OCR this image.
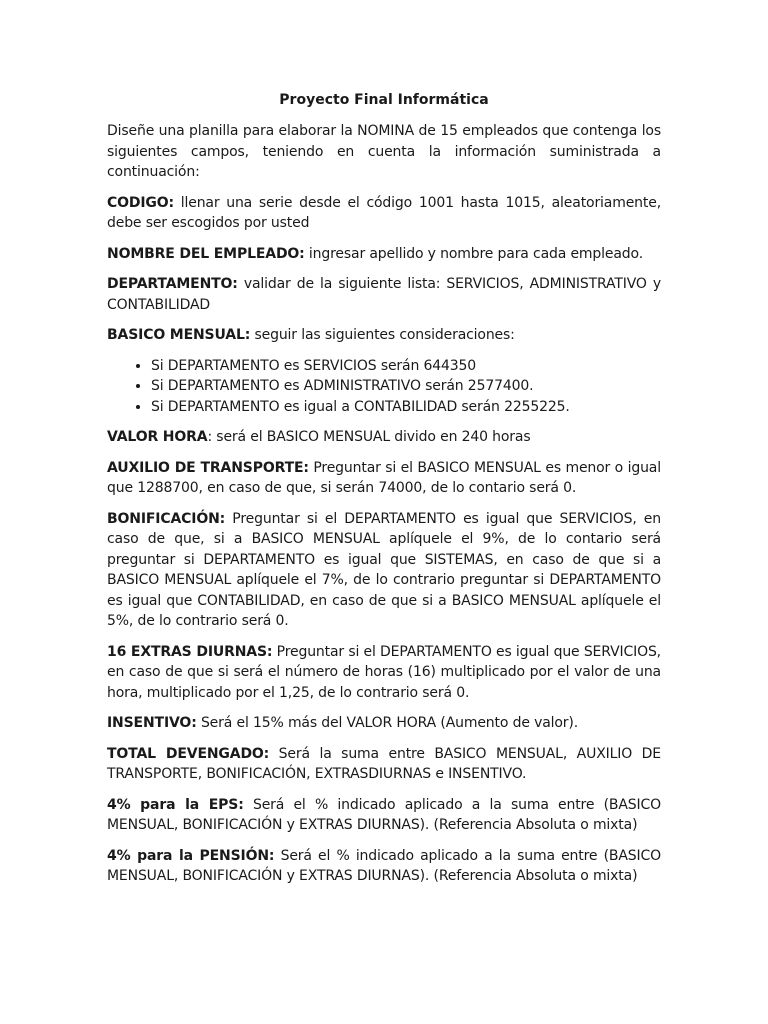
Proyecto Final Informática

Diseñe una planilla para elaborar la NOMINA de 15 empleados que contenga los siguientes campos, teniendo en cuenta la información suministrada a continuación:

CODIGO: llenar una serie desde el código 1001 hasta 1015, aleatoriamente, debe ser escogidos por usted

NOMBRE DEL EMPLEADO: ingresar apellido y nombre para cada empleado.

DEPARTAMENTO: validar de la siguiente lista: SERVICIOS, ADMINISTRATIVO y CONTABILIDAD

BASICO MENSUAL: seguir las siguientes consideraciones:

• Si DEPARTAMENTO es SERVICIOS serán 644350
• Si DEPARTAMENTO es ADMINISTRATIVO serán 2577400.
• Si DEPARTAMENTO es igual a CONTABILIDAD serán 2255225.

VALOR HORA: será el BASICO MENSUAL divido en 240 horas

AUXILIO DE TRANSPORTE: Preguntar si el BASICO MENSUAL es menor o igual que 1288700, en caso de que, si serán 74000, de lo contario será 0.

BONIFICACIÓN: Preguntar si el DEPARTAMENTO es igual que SERVICIOS, en caso de que, si a BASICO MENSUAL aplíquele el 9%, de lo contario será preguntar si DEPARTAMENTO es igual que SISTEMAS, en caso de que si a BASICO MENSUAL aplíquele el 7%, de lo contrario preguntar si DEPARTAMENTO es igual que CONTABILIDAD, en caso de que si a BASICO MENSUAL aplíquele el 5%, de lo contrario será 0.

16 EXTRAS DIURNAS: Preguntar si el DEPARTAMENTO es igual que SERVICIOS, en caso de que si será el número de horas (16) multiplicado por el valor de una hora, multiplicado por el 1,25, de lo contrario será 0.

INSENTIVO: Será el 15% más del VALOR HORA (Aumento de valor).

TOTAL DEVENGADO: Será la suma entre BASICO MENSUAL, AUXILIO DE TRANSPORTE, BONIFICACIÓN, EXTRASDIURNAS e INSENTIVO.

4% para la EPS: Será el % indicado aplicado a la suma entre (BASICO MENSUAL, BONIFICACIÓN y EXTRAS DIURNAS). (Referencia Absoluta o mixta)

4% para la PENSIÓN: Será el % indicado aplicado a la suma entre (BASICO MENSUAL, BONIFICACIÓN y EXTRAS DIURNAS). (Referencia Absoluta o mixta)
